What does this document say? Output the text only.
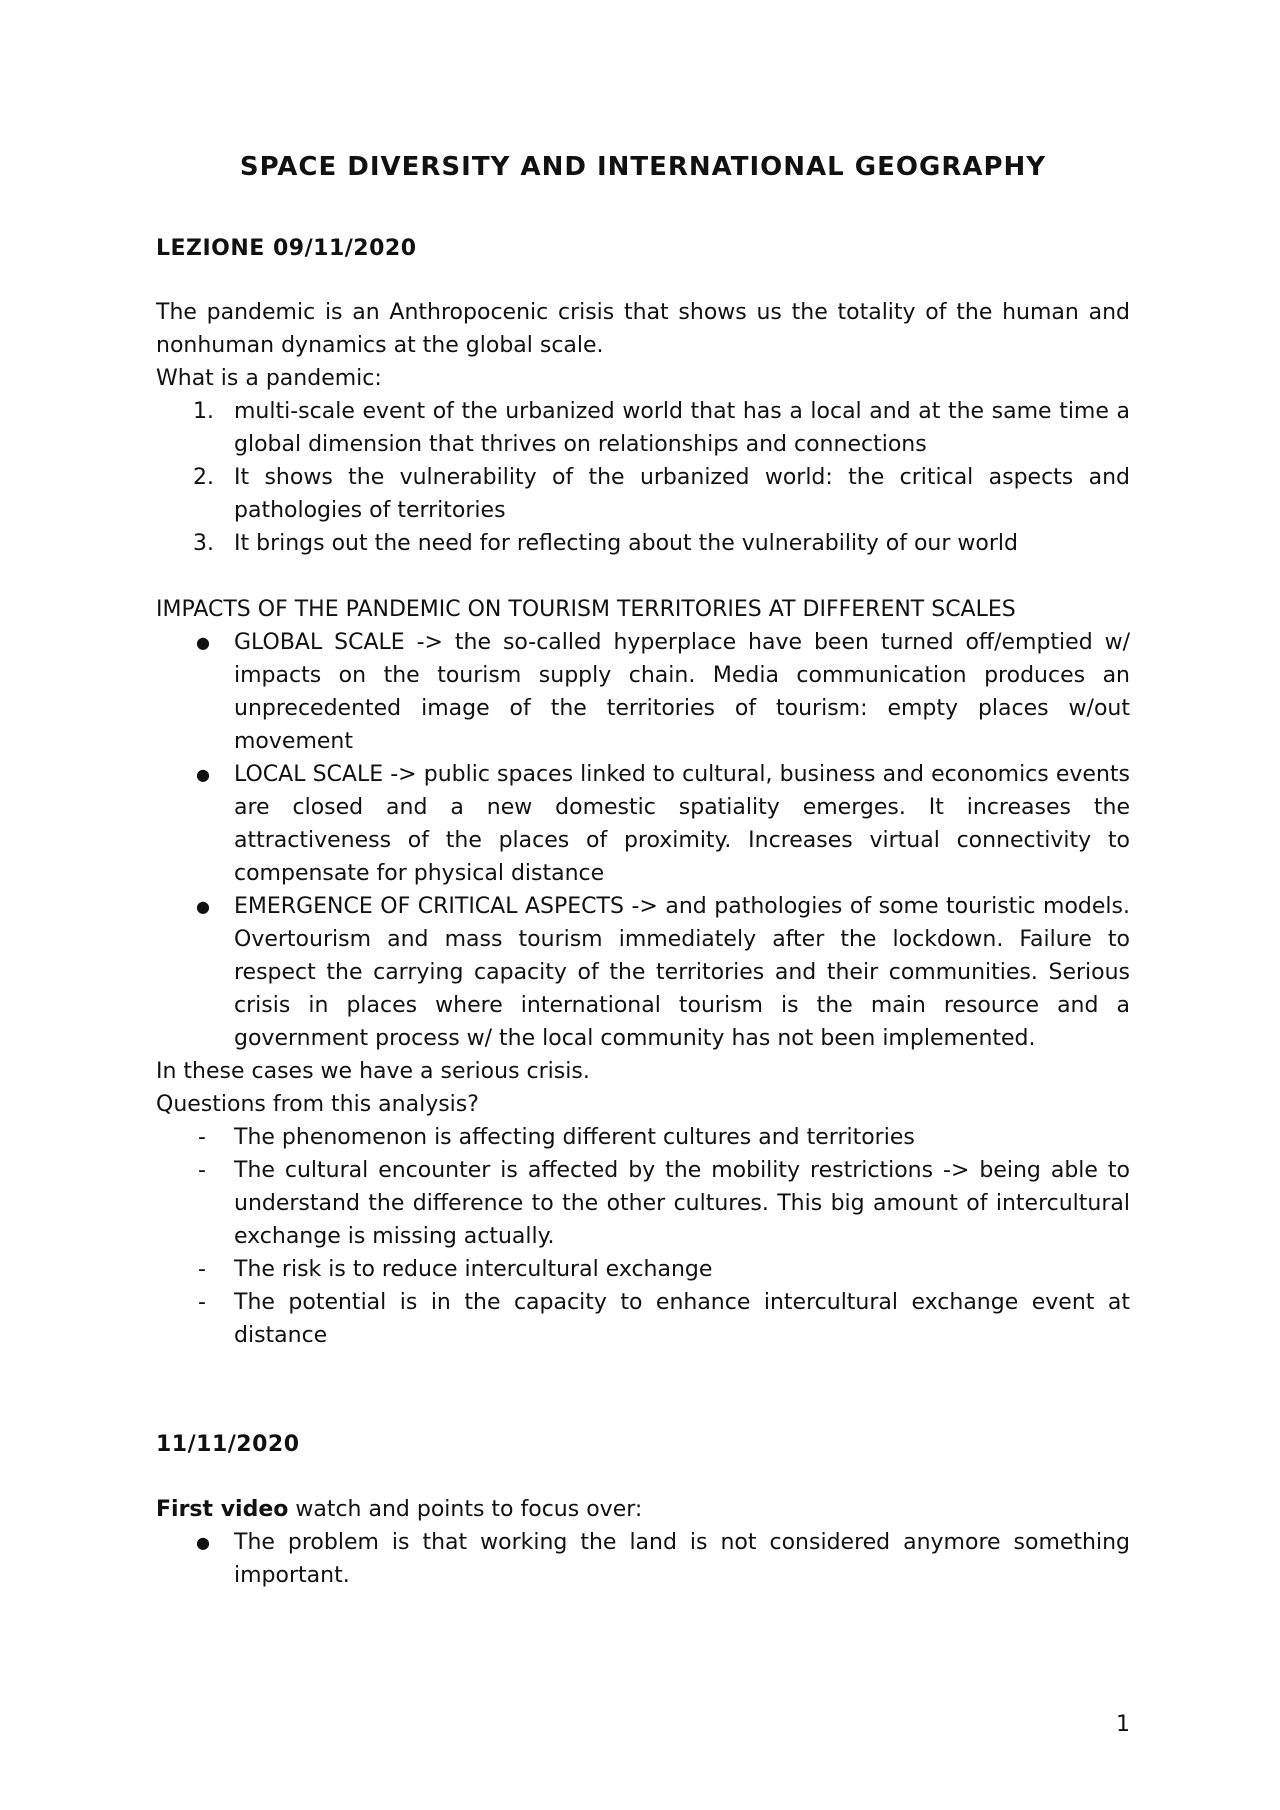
SPACE DIVERSITY AND INTERNATIONAL GEOGRAPHY
LEZIONE 09/11/2020

The pandemic is an Anthropocenic crisis that shows us the totality of the human and nonhuman dynamics at the global scale.

What is a pandemic:

1. multi-scale event of the urbanized world that has a local and at the same time a global dimension that thrives on relationships and connections
2. It shows the vulnerability of the urbanized world: the critical aspects and pathologies of territories
3. It brings out the need for reflecting about the vulnerability of our world

IMPACTS OF THE PANDEMIC ON TOURISM TERRITORIES AT DIFFERENT SCALES

●	GLOBAL SCALE -> the so-called hyperplace have been turned off/emptied w/ impacts on the tourism supply chain. Media communication produces an unprecedented image of the territories of tourism: empty places w/out movement
●	LOCAL SCALE -> public spaces linked to cultural, business and economics events are closed and a new domestic spatiality emerges. It increases the attractiveness of the places of proximity. Increases virtual connectivity to compensate for physical distance
●	EMERGENCE OF CRITICAL ASPECTS -> and pathologies of some touristic models. Overtourism and mass tourism immediately after the lockdown. Failure to respect the carrying capacity of the territories and their communities. Serious crisis in places where international tourism is the main resource and a government process w/ the local community has not been implemented.

In these cases we have a serious crisis.

Questions from this analysis?

-	The phenomenon is affecting different cultures and territories
-	The cultural encounter is affected by the mobility restrictions -> being able to understand the difference to the other cultures. This big amount of intercultural exchange is missing actually.
-	The risk is to reduce intercultural exchange
-	The potential is in the capacity to enhance intercultural exchange event at distance
11/11/2020

First video watch and points to focus over:

●	The problem is that working the land is not considered anymore something important.

1
